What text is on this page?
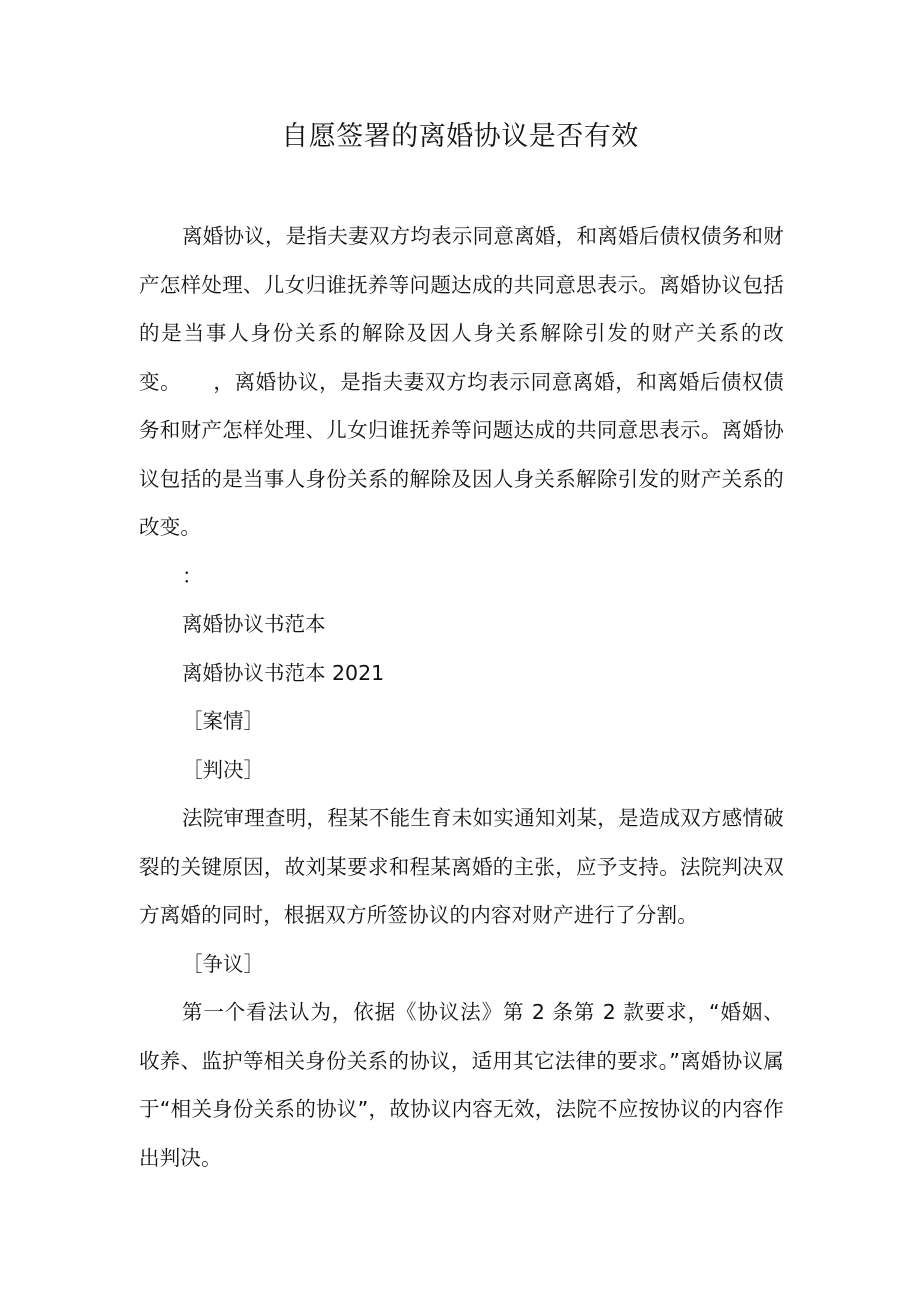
自愿签署的离婚协议是否有效

离婚协议，是指夫妻双方均表示同意离婚，和离婚后债权债务和财产怎样处理、儿女归谁抚养等问题达成的共同意思表示。离婚协议包括的是当事人身份关系的解除及因人身关系解除引发的财产关系的改变。　　，离婚协议，是指夫妻双方均表示同意离婚，和离婚后债权债务和财产怎样处理、儿女归谁抚养等问题达成的共同意思表示。离婚协议包括的是当事人身份关系的解除及因人身关系解除引发的财产关系的改变。

：

离婚协议书范本

离婚协议书范本 2021

［案情］

［判决］

法院审理查明，程某不能生育未如实通知刘某，是造成双方感情破裂的关键原因，故刘某要求和程某离婚的主张，应予支持。法院判决双方离婚的同时，根据双方所签协议的内容对财产进行了分割。

［争议］

第一个看法认为，依据《协议法》第 2 条第 2 款要求，“婚姻、收养、监护等相关身份关系的协议，适用其它法律的要求。”离婚协议属于“相关身份关系的协议”，故协议内容无效，法院不应按协议的内容作出判决。
